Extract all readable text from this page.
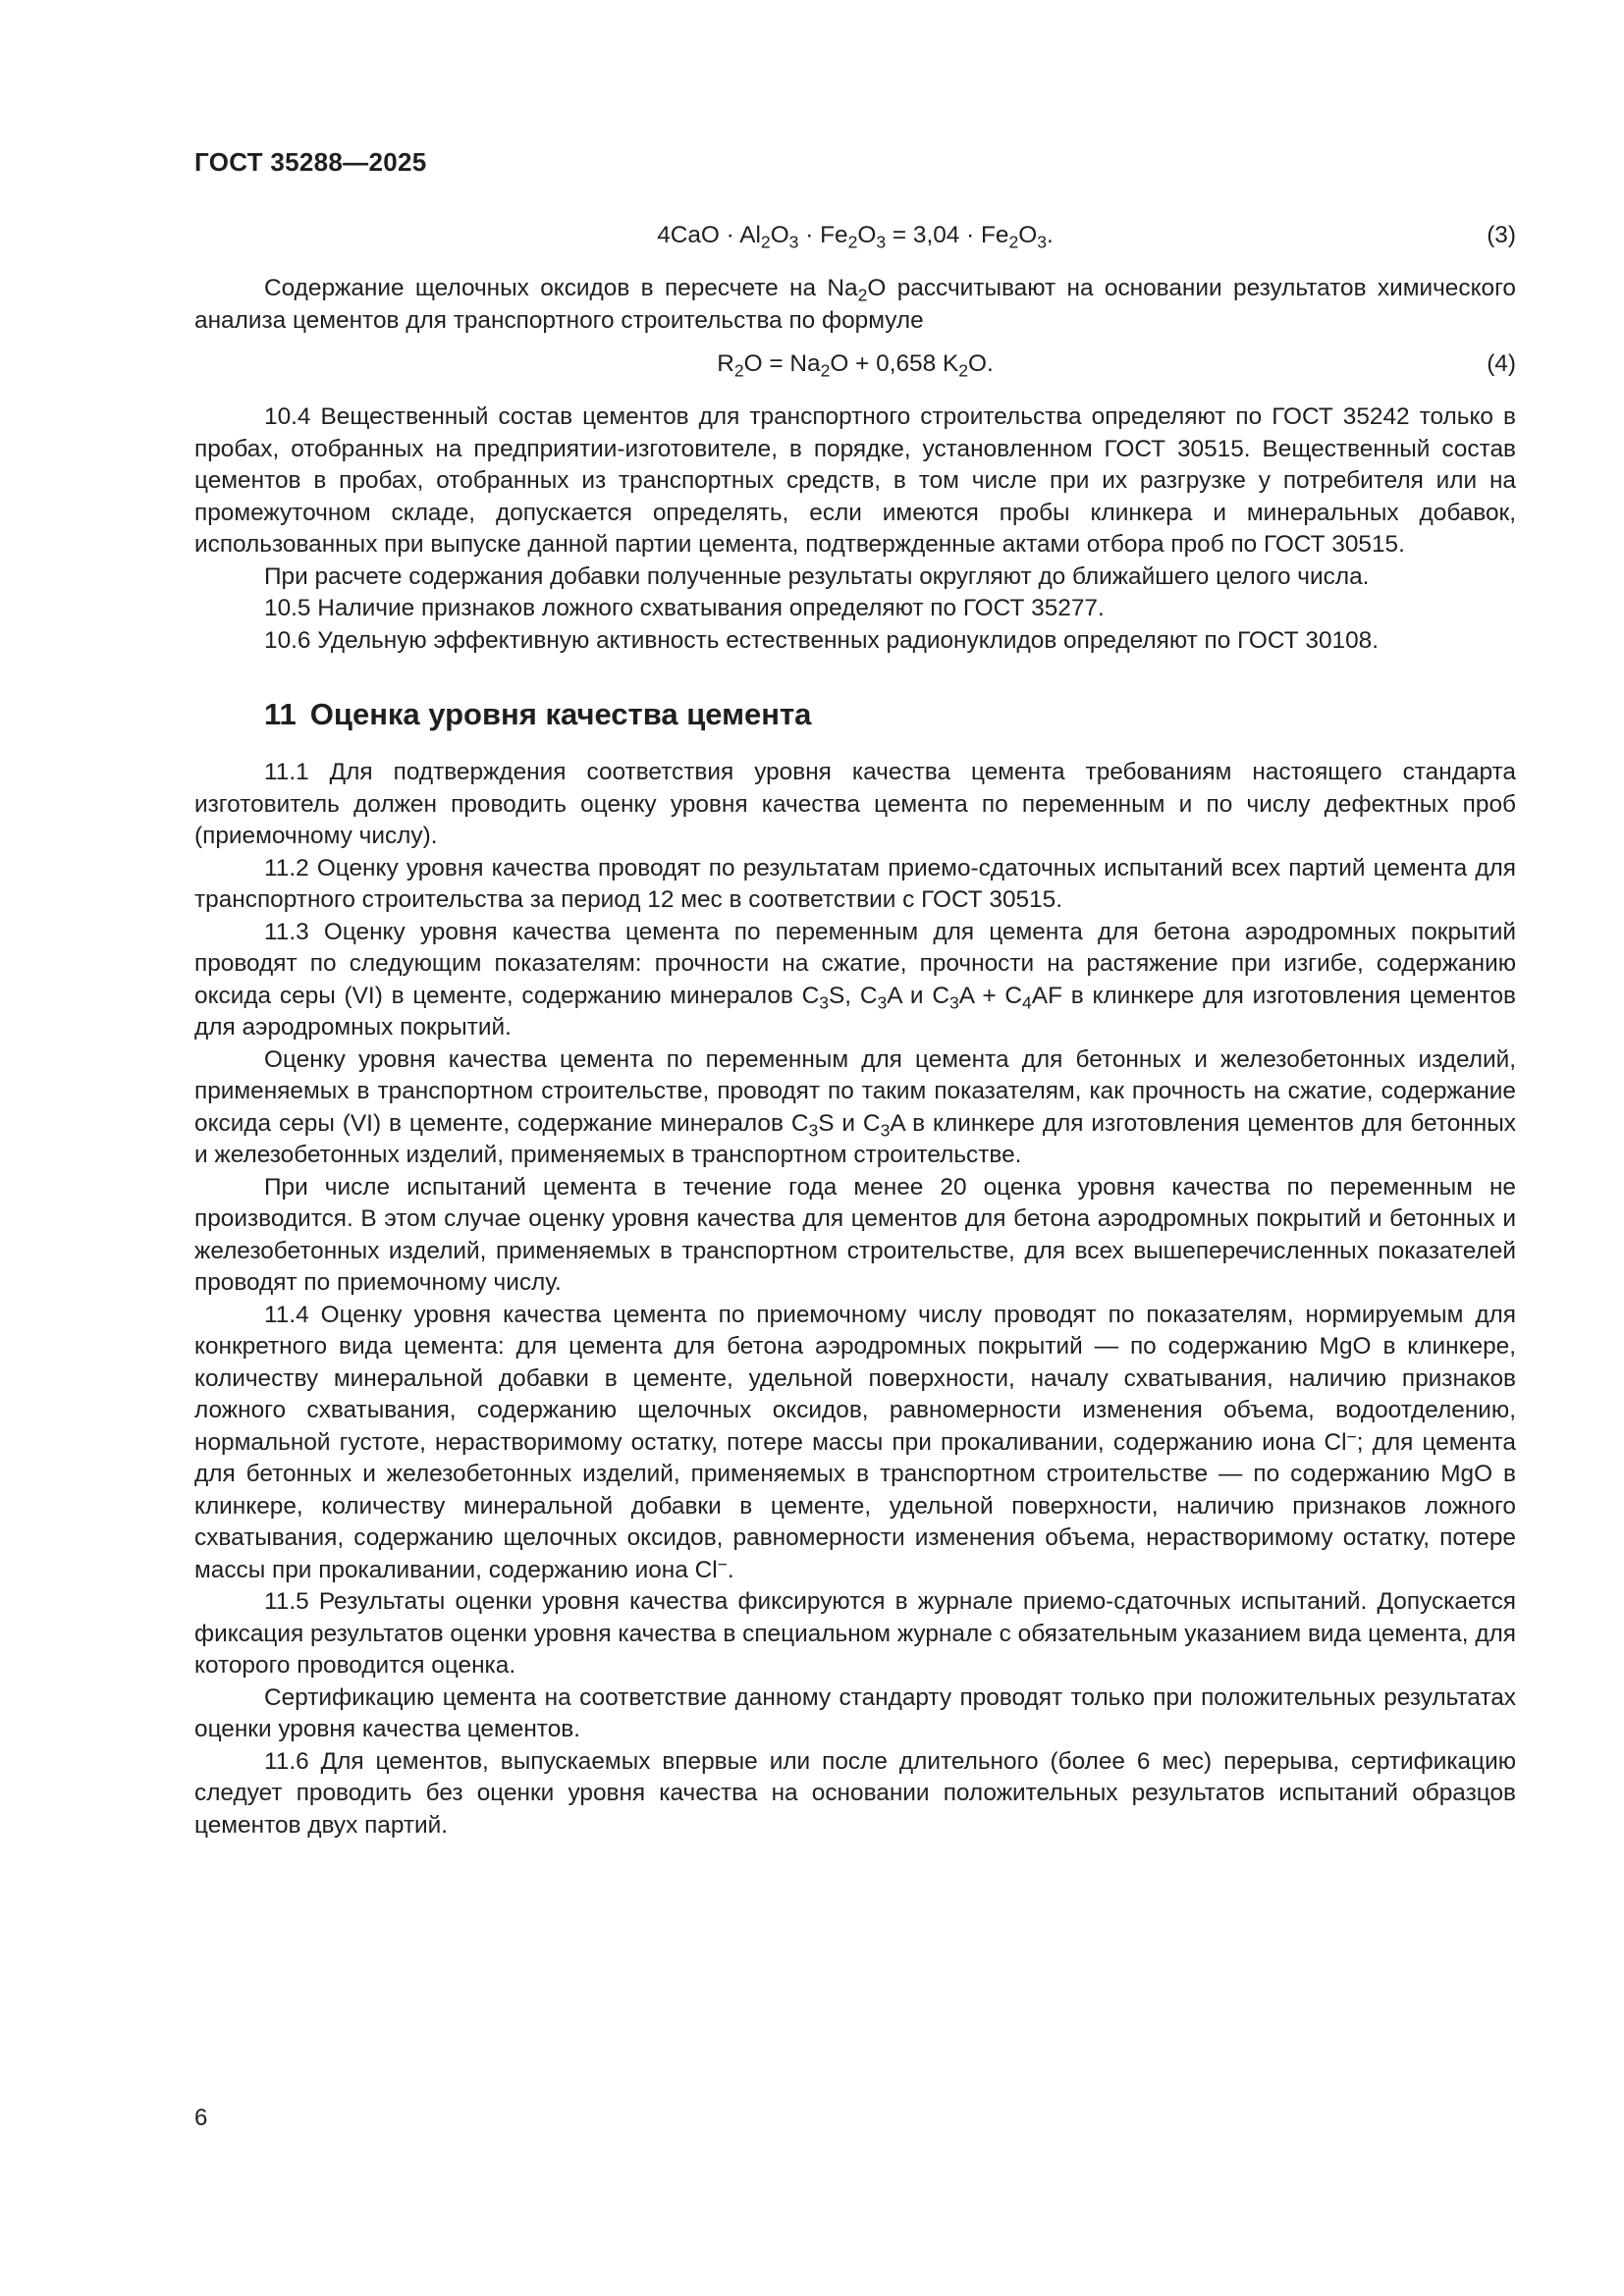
ГОСТ 35288—2025
$4CaO \cdot Al_2O_3 \cdot Fe_2O_3 = 3,04 \cdot Fe_2O_3$.	(3)

Содержание щелочных оксидов в пересчете на $Na_2O$ рассчитывают на основании результатов химического анализа цементов для транспортного строительства по формуле

$R_2O = Na_2O + 0,658$ $K_2O$.	(4)

10.4 Вещественный состав цементов для транспортного строительства определяют по ГОСТ 35242 только в пробах, отобранных на предприятии-изготовителе, в порядке, установленном ГОСТ 30515. Вещественный состав цементов в пробах, отобранных из транспортных средств, в том числе при их разгрузке у потребителя или на промежуточном складе, допускается определять, если имеются пробы клинкера и минеральных добавок, использованных при выпуске данной партии цемента, подтвержденные актами отбора проб по ГОСТ 30515.

При расчете содержания добавки полученные результаты округляют до ближайшего целого числа.

10.5 Наличие признаков ложного схватывания определяют по ГОСТ 35277.

10.6 Удельную эффективную активность естественных радионуклидов определяют по ГОСТ 30108.

11 Оценка уровня качества цемента

11.1 Для подтверждения соответствия уровня качества цемента требованиям настоящего стандарта изготовитель должен проводить оценку уровня качества цемента по переменным и по числу дефектных проб (приемочному числу).

11.2 Оценку уровня качества проводят по результатам приемо-сдаточных испытаний всех партий цемента для транспортного строительства за период 12 мес в соответствии с ГОСТ 30515.

11.3 Оценку уровня качества цемента по переменным для цемента для бетона аэродромных покрытий проводят по следующим показателям: прочности на сжатие, прочности на растяжение при изгибе, содержанию оксида серы (VI) в цементе, содержанию минералов $C_3S$, $C_3A$ и $C_3A + C_4AF$ в клинкере для изготовления цементов для аэродромных покрытий.

Оценку уровня качества цемента по переменным для цемента для бетонных и железобетонных изделий, применяемых в транспортном строительстве, проводят по таким показателям, как прочность на сжатие, содержание оксида серы (VI) в цементе, содержание минералов $C_3S$ и $C_3A$ в клинкере для изготовления цементов для бетонных и железобетонных изделий, применяемых в транспортном строительстве.

При числе испытаний цемента в течение года менее 20 оценка уровня качества по переменным не производится. В этом случае оценку уровня качества для цементов для бетона аэродромных покрытий и бетонных и железобетонных изделий, применяемых в транспортном строительстве, для всех вышеперечисленных показателей проводят по приемочному числу.

11.4 Оценку уровня качества цемента по приемочному числу проводят по показателям, нормируемым для конкретного вида цемента: для цемента для бетона аэродромных покрытий — по содержанию MgO в клинкере, количеству минеральной добавки в цементе, удельной поверхности, началу схватывания, наличию признаков ложного схватывания, содержанию щелочных оксидов, равномерности изменения объема, водоотделению, нормальной густоте, нерастворимому остатку, потере массы при прокаливании, содержанию иона Cl−; для цемента для бетонных и железобетонных изделий, применяемых в транспортном строительстве — по содержанию MgO в клинкере, количеству минеральной добавки в цементе, удельной поверхности, наличию признаков ложного схватывания, содержанию щелочных оксидов, равномерности изменения объема, нерастворимому остатку, потере массы при прокаливании, содержанию иона Cl−.

11.5 Результаты оценки уровня качества фиксируются в журнале приемо-сдаточных испытаний. Допускается фиксация результатов оценки уровня качества в специальном журнале с обязательным указанием вида цемента, для которого проводится оценка.

Сертификацию цемента на соответствие данному стандарту проводят только при положительных результатах оценки уровня качества цементов.

11.6 Для цементов, выпускаемых впервые или после длительного (более 6 мес) перерыва, сертификацию следует проводить без оценки уровня качества на основании положительных результатов испытаний образцов цементов двух партий.

6
